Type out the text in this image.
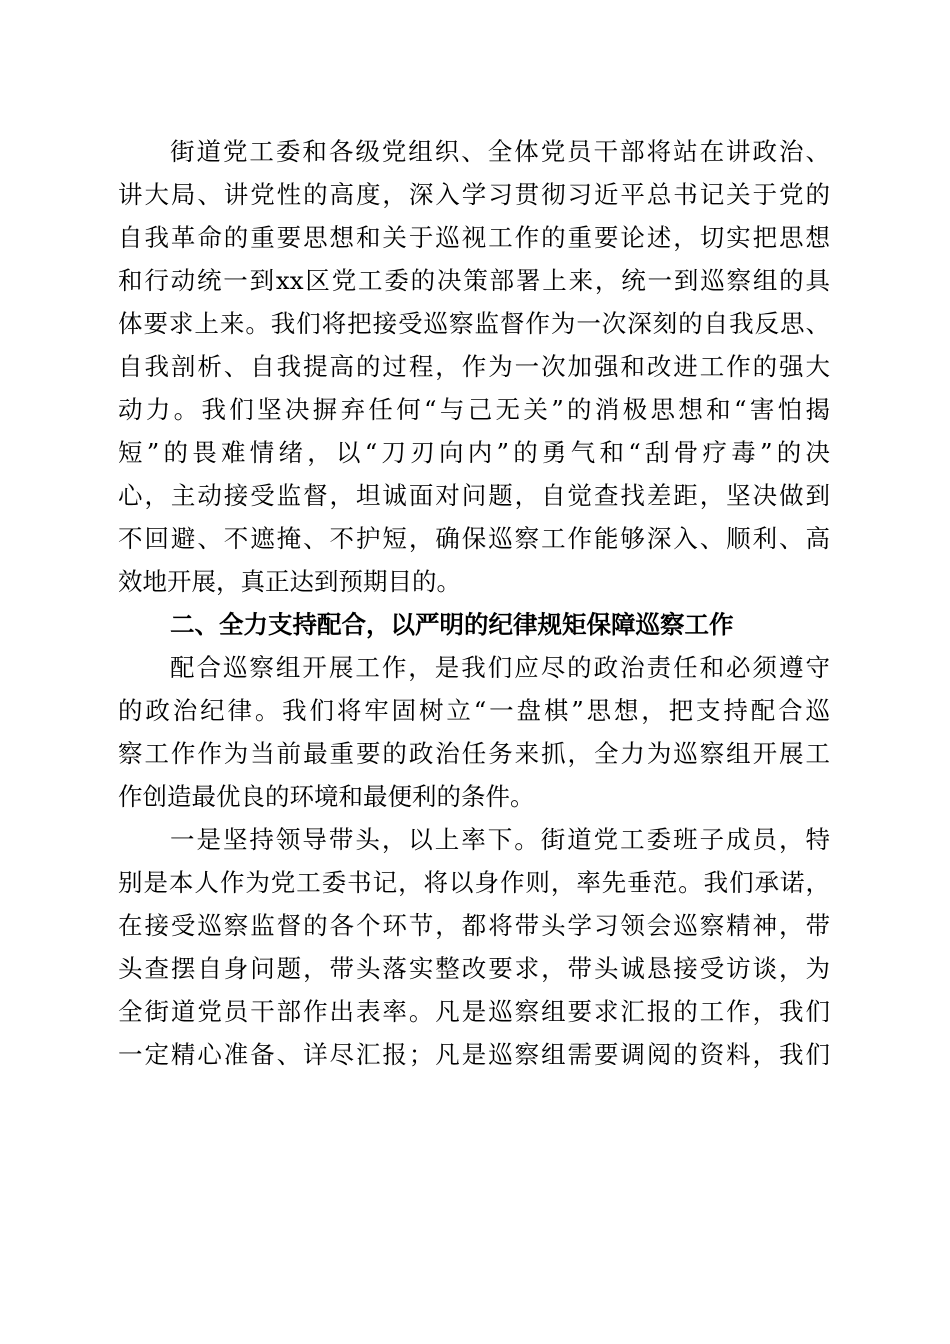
街道党工委和各级党组织、全体党员干部将站在讲政治、
讲大局、讲党性的高度，深入学习贯彻习近平总书记关于党的
自我革命的重要思想和关于巡视工作的重要论述，切实把思想
和行动统一到xx区党工委的决策部署上来，统一到巡察组的具
体要求上来。我们将把接受巡察监督作为一次深刻的自我反思、
自我剖析、自我提高的过程，作为一次加强和改进工作的强大
动力。我们坚决摒弃任何“与己无关”的消极思想和“害怕揭
短”的畏难情绪，以“刀刃向内”的勇气和“刮骨疗毒”的决
心，主动接受监督，坦诚面对问题，自觉查找差距，坚决做到
不回避、不遮掩、不护短，确保巡察工作能够深入、顺利、高
效地开展，真正达到预期目的。
二、全力支持配合，以严明的纪律规矩保障巡察工作
配合巡察组开展工作，是我们应尽的政治责任和必须遵守
的政治纪律。我们将牢固树立“一盘棋”思想，把支持配合巡
察工作作为当前最重要的政治任务来抓，全力为巡察组开展工
作创造最优良的环境和最便利的条件。
一是坚持领导带头，以上率下。街道党工委班子成员，特
别是本人作为党工委书记，将以身作则，率先垂范。我们承诺，
在接受巡察监督的各个环节，都将带头学习领会巡察精神，带
头查摆自身问题，带头落实整改要求，带头诚恳接受访谈，为
全街道党员干部作出表率。凡是巡察组要求汇报的工作，我们
一定精心准备、详尽汇报；凡是巡察组需要调阅的资料，我们
